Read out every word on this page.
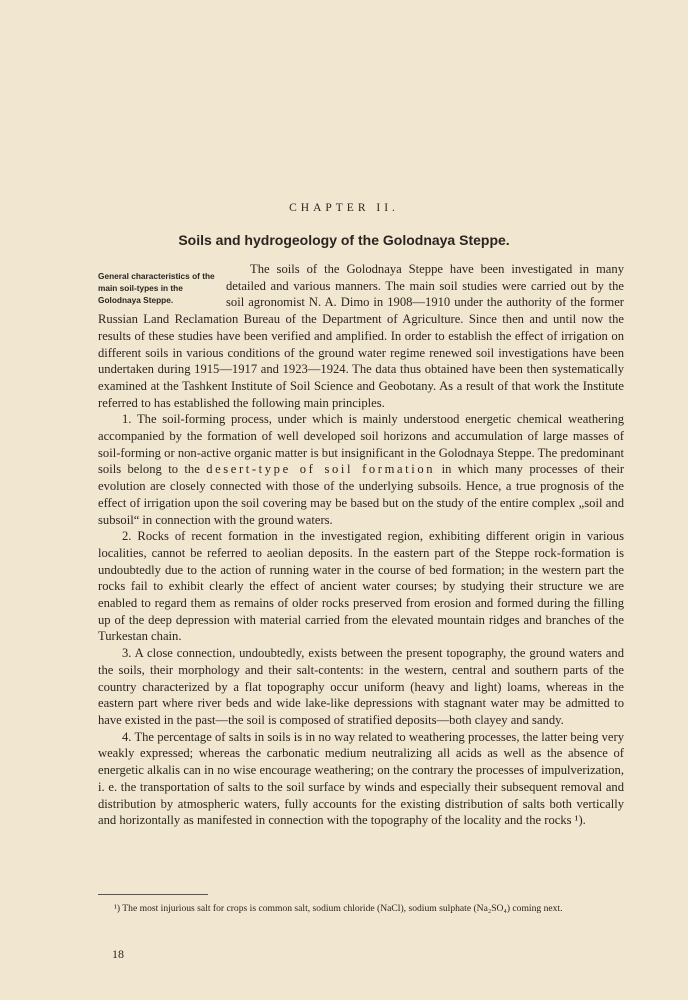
CHAPTER II.
Soils and hydrogeology of the Golodnaya Steppe.
General characteristics of the main soil-types in the Golodnaya Steppe.

The soils of the Golodnaya Steppe have been investigated in many detailed and various manners. The main soil studies were carried out by the soil agronomist N. A. Dimo in 1908—1910 under the authority of the former Russian Land Reclamation Bureau of the Department of Agriculture. Since then and until now the results of these studies have been verified and amplified. In order to establish the effect of irrigation on different soils in various conditions of the ground water regime renewed soil investigations have been undertaken during 1915—1917 and 1923—1924. The data thus obtained have been then systematically examined at the Tashkent Institute of Soil Science and Geobotany. As a result of that work the Institute referred to has established the following main principles.

1. The soil-forming process, under which is mainly understood energetic chemical weathering accompanied by the formation of well developed soil horizons and accumulation of large masses of soil-forming or non-active organic matter is but insignificant in the Golodnaya Steppe. The predominant soils belong to the desert-type of soil formation in which many processes of their evolution are closely connected with those of the underlying subsoils. Hence, a true prognosis of the effect of irrigation upon the soil covering may be based but on the study of the entire complex „soil and subsoil“ in connection with the ground waters.

2. Rocks of recent formation in the investigated region, exhibiting different origin in various localities, cannot be referred to aeolian deposits. In the eastern part of the Steppe rock-formation is undoubtedly due to the action of running water in the course of bed formation; in the western part the rocks fail to exhibit clearly the effect of ancient water courses; by studying their structure we are enabled to regard them as remains of older rocks preserved from erosion and formed during the filling up of the deep depression with material carried from the elevated mountain ridges and branches of the Turkestan chain.

3. A close connection, undoubtedly, exists between the present topography, the ground waters and the soils, their morphology and their salt-contents: in the western, central and southern parts of the country characterized by a flat topography occur uniform (heavy and light) loams, whereas in the eastern part where river beds and wide lake-like depressions with stagnant water may be admitted to have existed in the past—the soil is composed of stratified deposits—both clayey and sandy.

4. The percentage of salts in soils is in no way related to weathering processes, the latter being very weakly expressed; whereas the carbonatic medium neutralizing all acids as well as the absence of energetic alkalis can in no wise encourage weathering; on the contrary the processes of impulverization, i. e. the transportation of salts to the soil surface by winds and especially their subsequent removal and distribution by atmospheric waters, fully accounts for the existing distribution of salts both vertically and horizontally as manifested in connection with the topography of the locality and the rocks ¹).

¹) The most injurious salt for crops is common salt, sodium chloride (NaCl), sodium sulphate (Na₂SO₄) coming next.

18
